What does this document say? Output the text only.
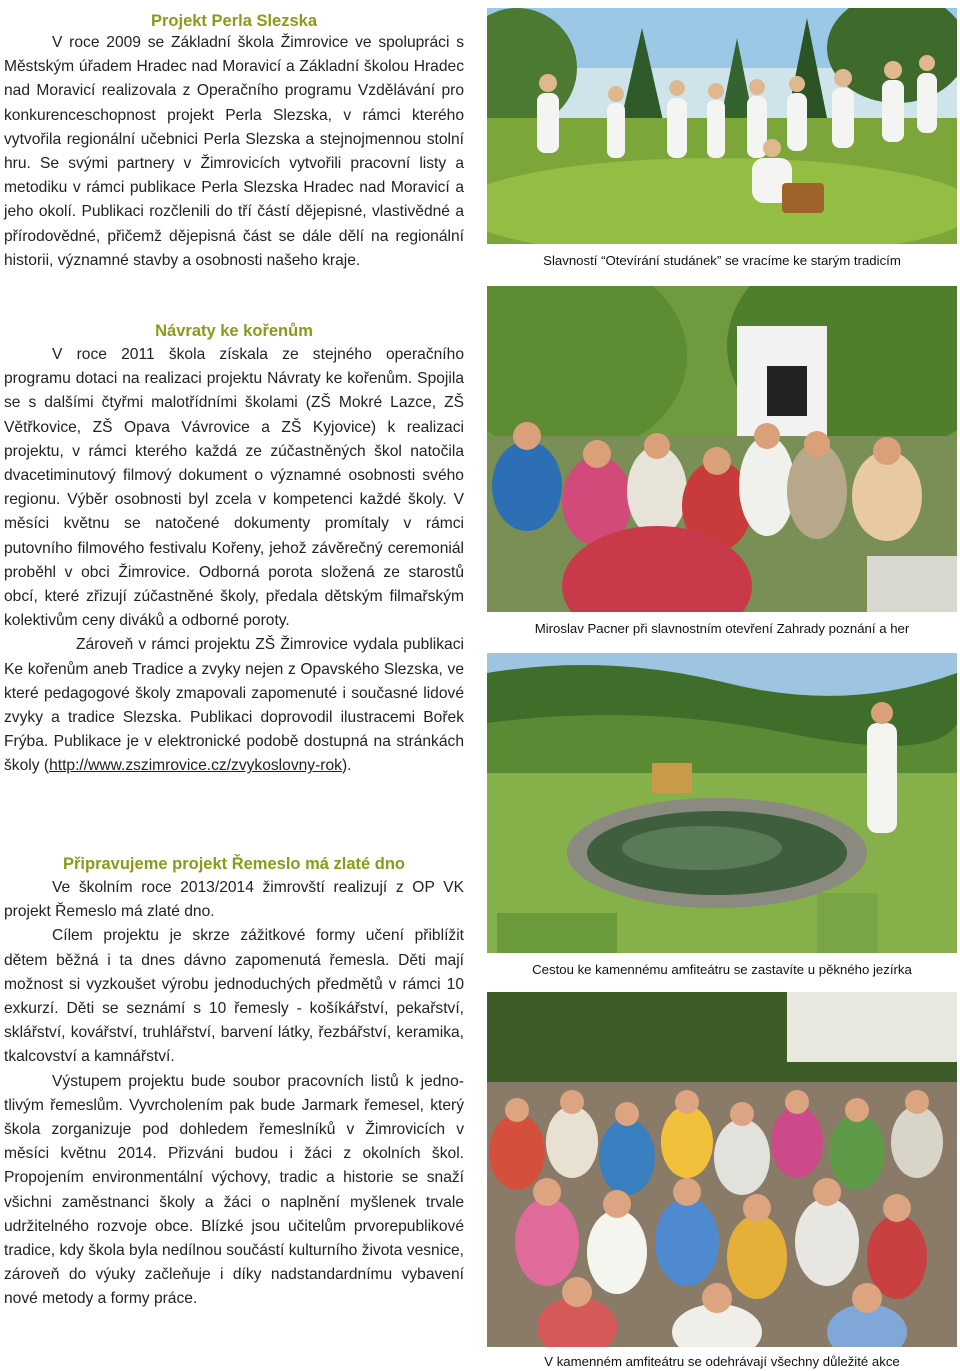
Projekt Perla Slezska

V roce 2009 se Základní škola Žimrovice ve spolupráci s Městským úřadem Hradec nad Moravicí a Základní školou Hradec nad Moravicí realizovala z Operačního programu Vzdělávání pro konkurenceschopnost projekt Perla Slezska, v rámci kterého vytvořila regionální učebnici Perla Slezska a stejnojmennou stolní hru. Se svými partnery v Žimrovicích vytvořili pracovní listy a metodiku v rámci publikace Perla Slezska Hradec nad Moravicí a jeho okolí. Publikaci rozčlenili do tří částí dějepisné, vlastivědné a přírodovědné, přičemž dějepisná část se dále dělí na regionální historii, významné stavby a osobnosti našeho kraje.

Návraty ke kořenům

V roce 2011 škola získala ze stejného operačního programu dotaci na realizaci projektu Návraty ke kořenům. Spojila se s dalšími čtyřmi malotřídními školami (ZŠ Mokré Lazce, ZŠ Větřkovice, ZŠ Opava Vávrovice a ZŠ Kyjovice) k realizaci projektu, v rámci kterého každá ze zúčastněných škol natočila dvacetiminutový filmový dokument o významné osobnosti svého regionu. Výběr osobnosti byl zcela v kompetenci každé školy. V měsíci květnu se natočené dokumenty promítaly v rámci putovního filmového festivalu Kořeny, jehož závěrečný ceremoniál proběhl v obci Žimrovice. Odborná porota složená ze starostů obcí, které zřizují zúčastněné školy, předala dětským filmařským kolektivům ceny diváků a odborné poroty.

Zároveň v rámci projektu ZŠ Žimrovice vydala publikaci Ke kořenům aneb Tradice a zvyky nejen z Opavského Slezska, ve které pedagogové školy zmapovali zapomenuté i současné lidové zvyky a tradice Slezska. Publikaci doprovodil ilustracemi Bořek Frýba. Publikace je v elektronické podobě dostupná na stránkách školy (http://www.zszimrovice.cz/zvykoslovny-rok).

Připravujeme projekt Řemeslo má zlaté dno

Ve školním roce 2013/2014 žimrovští realizují z OP VK projekt Řemeslo má zlaté dno.

Cílem projektu je skrze zážitkové formy učení přiblížit dětem běžná i ta dnes dávno zapomenutá řemesla. Děti mají možnost si vyzkoušet výrobu jednoduchých předmětů v rámci 10 exkurzí. Děti se seznámí s 10 řemesly - košíkářství, pekařství, sklářství, kovářství, truhlářství, barvení látky, řezbářství, keramika, tkalcovství a kamnářství.

Výstupem projektu bude soubor pracovních listů k jedno-tlivým řemeslům. Vyvrcholením pak bude Jarmark řemesel, který škola zorganizuje pod dohledem řemeslníků v Žimrovicích v měsíci květnu 2014. Přizváni budou i žáci z okolních škol. Propojením environmentální výchovy, tradic a historie se snaží všichni zaměstnanci školy a žáci o naplnění myšlenek trvale udržitelného rozvoje obce. Blízké jsou učitelům prvorepublikové tradice, kdy škola byla nedílnou součástí kulturního života vesnice, zároveň do výuky začleňuje i díky nadstandardnímu vybavení nové metody a formy práce.

Slavností “Otevírání studánek” se vracíme ke starým tradicím
Miroslav Pacner při slavnostním otevření Zahrady poznání a her
Cestou ke kamennému amfiteátru se zastavíte u pěkného jezírka
V kamenném amfiteátru se odehrávají všechny důležité akce
